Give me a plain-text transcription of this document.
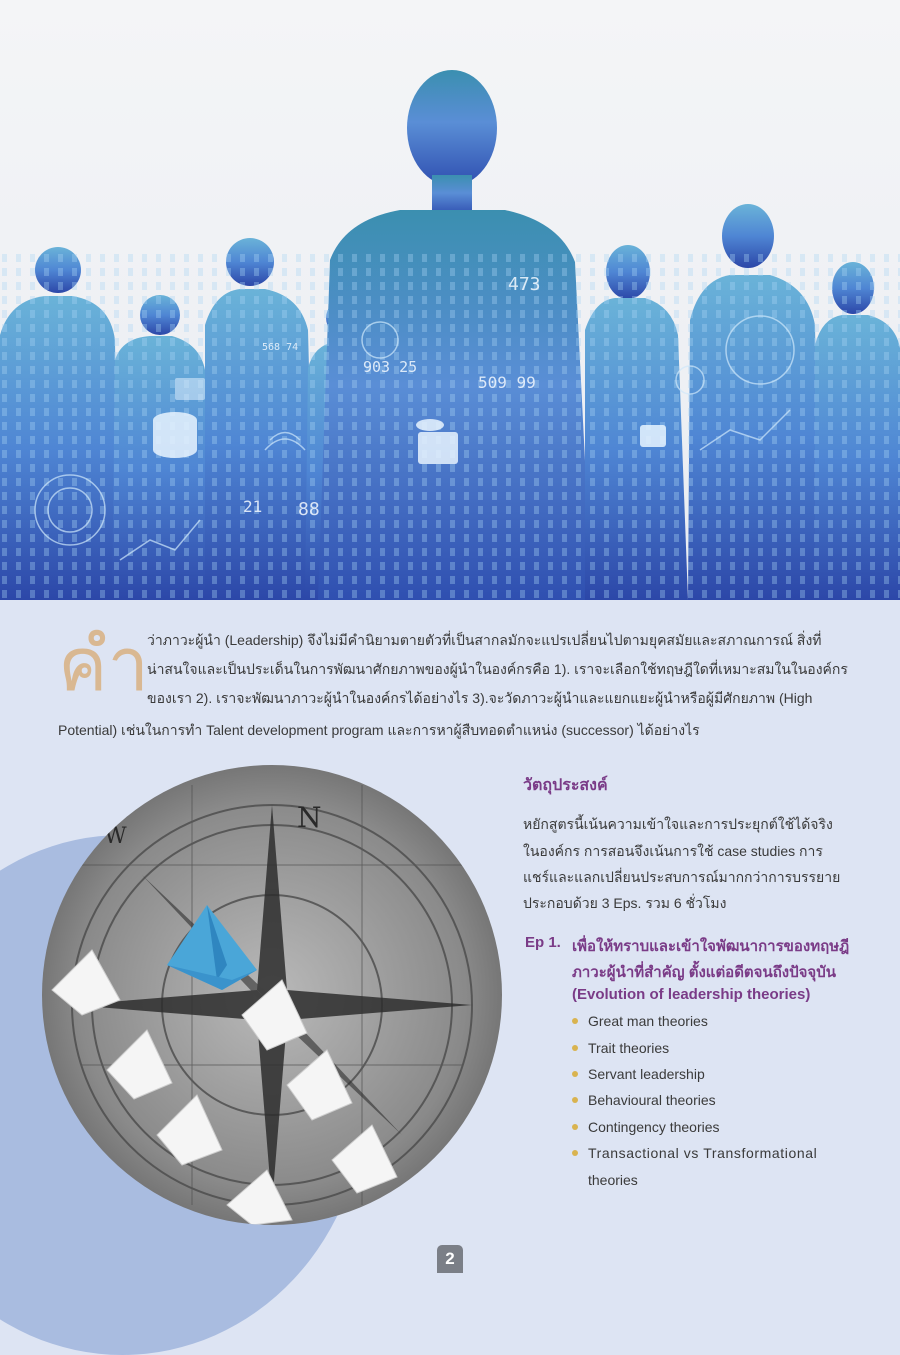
473
903 25
509 99
21 88
568 74
คำ ว่าภาวะผู้นำ (Leadership) จึงไม่มีคำนิยามตายตัวที่เป็นสากลมักจะแปรเปลี่ยนไปตามยุคสมัยและสภาณการณ์ สิ่งที่
น่าสนใจและเป็นประเด็นในการพัฒนาศักยภาพของผู้นำในองค์กรคือ 1). เราจะเลือกใช้ทฤษฎีใดที่เหมาะสมในในองค์กร
ของเรา 2). เราจะพัฒนาภาวะผู้นำในองค์กรได้อย่างไร 3).จะวัดภาวะผู้นำและแยกแยะผู้นำหรือผู้มีศักยภาพ (High
Potential) เช่นในการทำ Talent development program และการหาผู้สืบทอดตำแหน่ง (successor) ได้อย่างไร
N
W
วัตถุประสงค์
หยักสูตรนี้เน้นความเข้าใจและการประยุกต์ใช้ได้จริง
ในองค์กร การสอนจึงเน้นการใช้ case studies การ
แชร์และแลกเปลี่ยนประสบการณ์มากกว่าการบรรยาย
ประกอบด้วย 3 Eps. รวม 6 ชั่วโมง
Ep 1. เพื่อให้ทราบและเข้าใจพัฒนาการของทฤษฎี
ภาวะผู้นำที่สำคัญ ตั้งแต่อดีตจนถึงปัจจุบัน
(Evolution of leadership theories)
Great man theories
Trait theories
Servant leadership
Behavioural theories
Contingency theories
Transactional vs Transformational
theories
2
